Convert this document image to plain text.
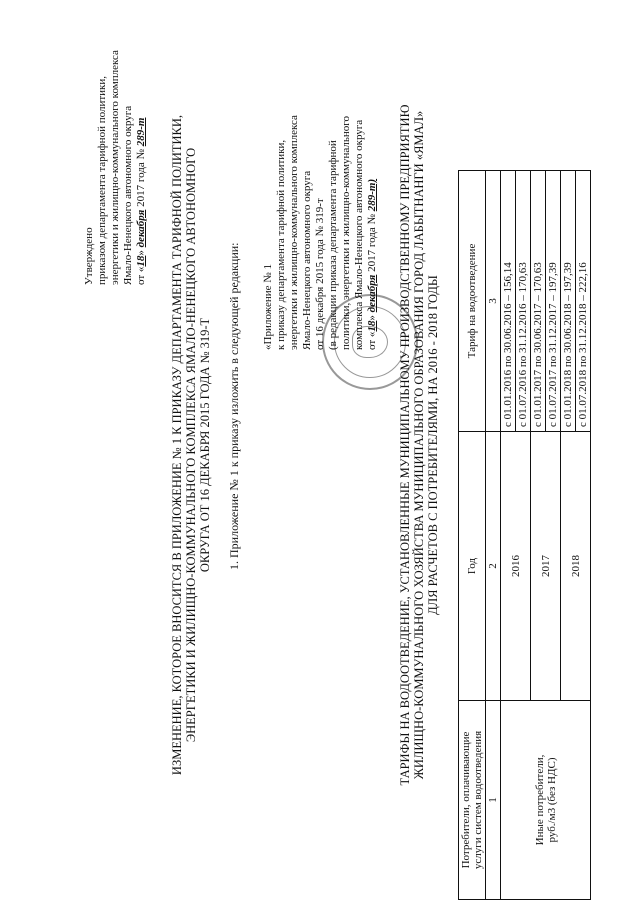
Утверждено приказом департамента тарифной политики, энергетики и жилищно-коммунального комплекса Ямало-Ненецкого автономного округа от «18» декабря 2017 года № 289-т ИЗМЕНЕНИЕ, КОТОРОЕ ВНОСИТСЯ В ПРИЛОЖЕНИЕ № 1 К ПРИКАЗУ ДЕПАРТАМЕНТА ТАРИФНОЙ ПОЛИТИКИ, ЭНЕРГЕТИКИ И ЖИЛИЩНО-КОММУНАЛЬНОГО КОМПЛЕКСА ЯМАЛО-НЕНЕЦКОГО АВТОНОМНОГО ОКРУГА ОТ 16 ДЕКАБРЯ 2015 ГОДА № 319-Т 1. Приложение № 1 к приказу изложить в следующей редакции: «Приложение № 1 к приказу департамента тарифной политики, энергетики и жилищно-коммунального комплекса Ямало-Ненецкого автономного округа от 16 декабря 2015 года № 319-т (в редакции приказа департамента тарифной политики, энергетики и жилищно-коммунального комплекса Ямало-Ненецкого автономного округа от «18» декабря 2017 года № 289-т) ТАРИФЫ НА ВОДООТВЕДЕНИЕ, УСТАНОВЛЕННЫЕ МУНИЦИПАЛЬНОМУ ПРОИЗВОДСТВЕННОМУ ПРЕДПРИЯТИЮ ЖИЛИЩНО-КОММУНАЛЬНОГО ХОЗЯЙСТВА МУНИЦИПАЛЬНОГО ОБРАЗОВАНИЯ ГОРОД ЛАБЫТНАНГИ «ЯМАЛ» ДЛЯ РАСЧЕТОВ С ПОТРЕБИТЕЛЯМИ, НА 2016 - 2018 ГОДЫ
Потребители, оплачивающие услуги систем водоотведения	Год	Тариф на водоотведение
1	2	3

Иные потребители, руб./м3 (без НДС)	2016	с 01.01.2016 по 30.06.2016 – 156,14
		с 01.07.2016 по 31.12.2016 – 170,63
	2017	с 01.01.2017 по 30.06.2017 – 170,63
		с 01.07.2017 по 31.12.2017 – 197,39
	2018	с 01.01.2018 по 30.06.2018 – 197,39
		с 01.07.2018 по 31.12.2018 – 222,16
